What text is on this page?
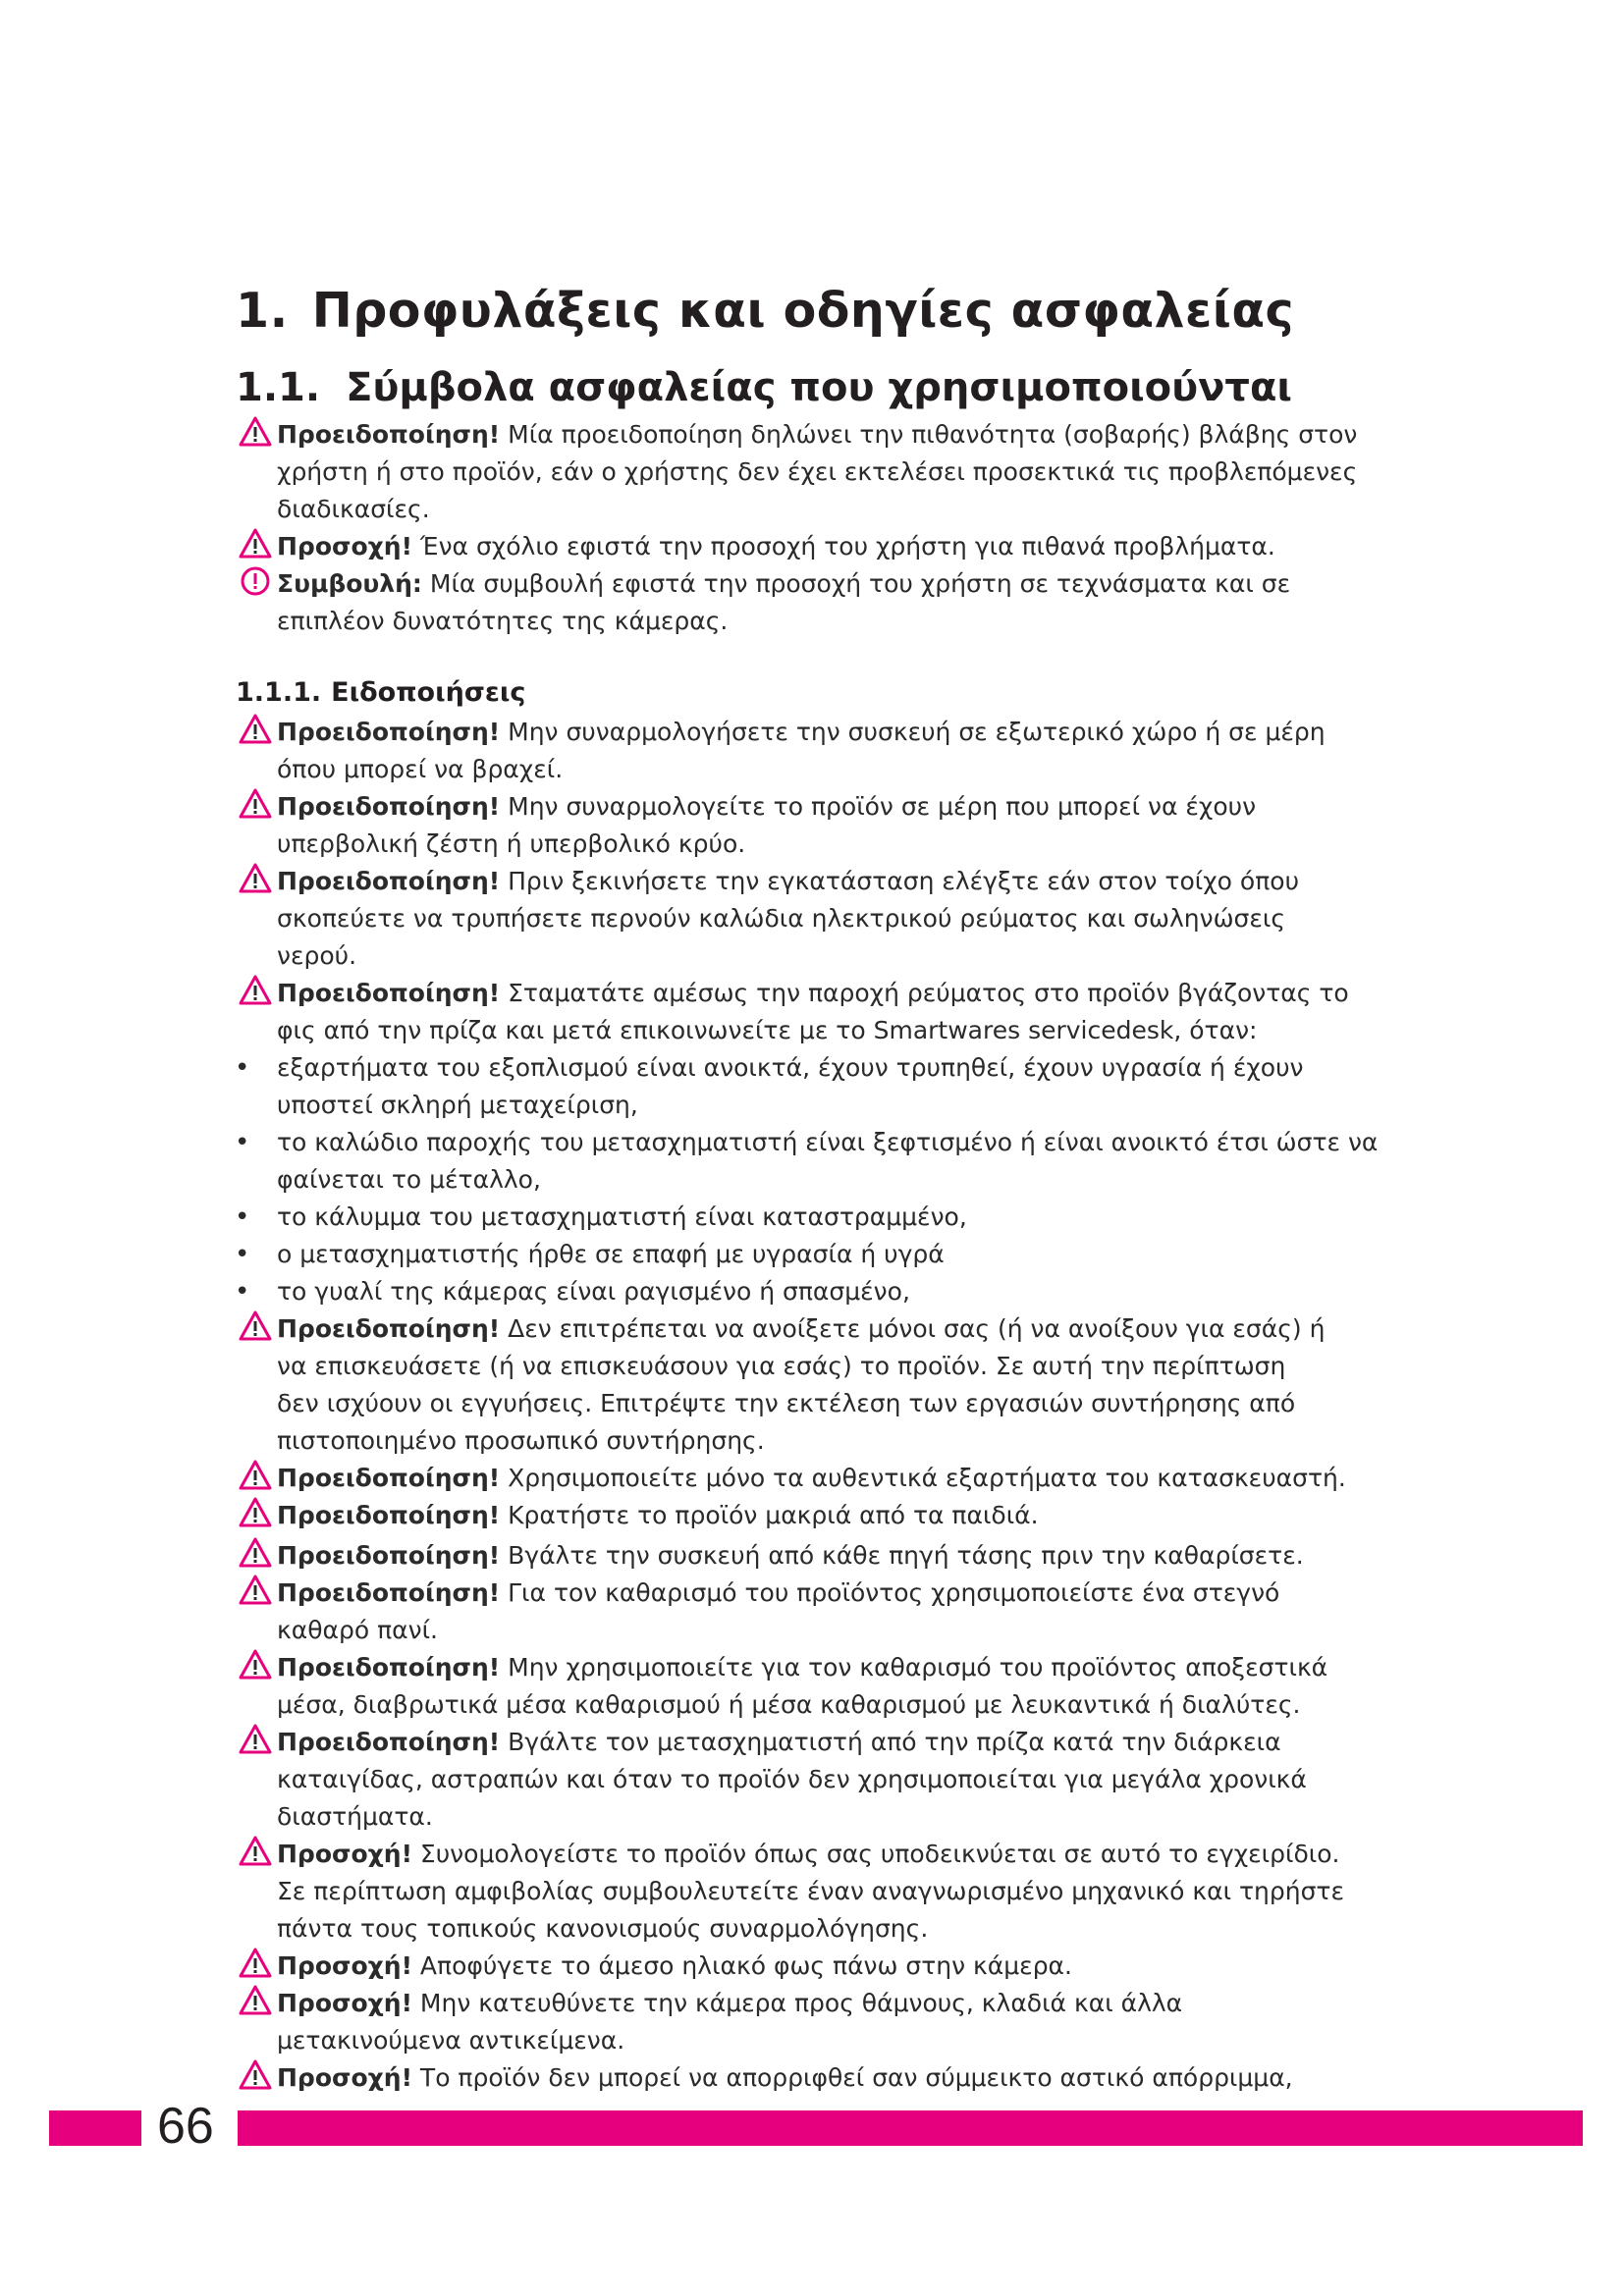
1. Προφυλάξεις και οδηγίες ασφαλείας
1.1. Σύμβολα ασφαλείας που χρησιμοποιούνται

Προειδοποίηση! Μία προειδοποίηση δηλώνει την πιθανότητα (σοβαρής) βλάβης στον

χρήστη ή στο προϊόν, εάν ο χρήστης δεν έχει εκτελέσει προσεκτικά τις προβλεπόμενες

διαδικασίες.

Προσοχή! Ένα σχόλιο εφιστά την προσοχή του χρήστη για πιθανά προβλήματα.

Συμβουλή: Μία συμβουλή εφιστά την προσοχή του χρήστη σε τεχνάσματα και σε

επιπλέον δυνατότητες της κάμερας.

1.1.1. Ειδοποιήσεις

Προειδοποίηση! Μην συναρμολογήσετε την συσκευή σε εξωτερικό χώρο ή σε μέρη

όπου μπορεί να βραχεί.

Προειδοποίηση! Μην συναρμολογείτε το προϊόν σε μέρη που μπορεί να έχουν

υπερβολική ζέστη ή υπερβολικό κρύο.

Προειδοποίηση! Πριν ξεκινήσετε την εγκατάσταση ελέγξτε εάν στον τοίχο όπου

σκοπεύετε να τρυπήσετε περνούν καλώδια ηλεκτρικού ρεύματος και σωληνώσεις

νερού.

Προειδοποίηση! Σταματάτε αμέσως την παροχή ρεύματος στο προϊόν βγάζοντας το

φις από την πρίζα και μετά επικοινωνείτε με το Smartwares servicedesk, όταν:

• εξαρτήματα του εξοπλισμού είναι ανοικτά, έχουν τρυπηθεί, έχουν υγρασία ή έχουν
υποστεί σκληρή μεταχείριση,
• το καλώδιο παροχής του μετασχηματιστή είναι ξεφτισμένο ή είναι ανοικτό έτσι ώστε να
φαίνεται το μέταλλο,
• το κάλυμμα του μετασχηματιστή είναι καταστραμμένο,
• ο μετασχηματιστής ήρθε σε επαφή με υγρασία ή υγρά
• το γυαλί της κάμερας είναι ραγισμένο ή σπασμένο,

Προειδοποίηση! Δεν επιτρέπεται να ανοίξετε μόνοι σας (ή να ανοίξουν για εσάς) ή

να επισκευάσετε (ή να επισκευάσουν για εσάς) το προϊόν. Σε αυτή την περίπτωση

δεν ισχύουν οι εγγυήσεις. Επιτρέψτε την εκτέλεση των εργασιών συντήρησης από

πιστοποιημένο προσωπικό συντήρησης.

Προειδοποίηση! Χρησιμοποιείτε μόνο τα αυθεντικά εξαρτήματα του κατασκευαστή.

Προειδοποίηση! Κρατήστε το προϊόν μακριά από τα παιδιά.

Προειδοποίηση! Βγάλτε την συσκευή από κάθε πηγή τάσης πριν την καθαρίσετε.

Προειδοποίηση! Για τον καθαρισμό του προϊόντος χρησιμοποιείστε ένα στεγνό

καθαρό πανί.

Προειδοποίηση! Μην χρησιμοποιείτε για τον καθαρισμό του προϊόντος αποξεστικά

μέσα, διαβρωτικά μέσα καθαρισμού ή μέσα καθαρισμού με λευκαντικά ή διαλύτες.

Προειδοποίηση! Βγάλτε τον μετασχηματιστή από την πρίζα κατά την διάρκεια

καταιγίδας, αστραπών και όταν το προϊόν δεν χρησιμοποιείται για μεγάλα χρονικά

διαστήματα.

Προσοχή! Συνομολογείστε το προϊόν όπως σας υποδεικνύεται σε αυτό το εγχειρίδιο.

Σε περίπτωση αμφιβολίας συμβουλευτείτε έναν αναγνωρισμένο μηχανικό και τηρήστε

πάντα τους τοπικούς κανονισμούς συναρμολόγησης.

Προσοχή! Αποφύγετε το άμεσο ηλιακό φως πάνω στην κάμερα.

Προσοχή! Μην κατευθύνετε την κάμερα προς θάμνους, κλαδιά και άλλα

μετακινούμενα αντικείμενα.

Προσοχή! Το προϊόν δεν μπορεί να απορριφθεί σαν σύμμεικτο αστικό απόρριμμα,

66
